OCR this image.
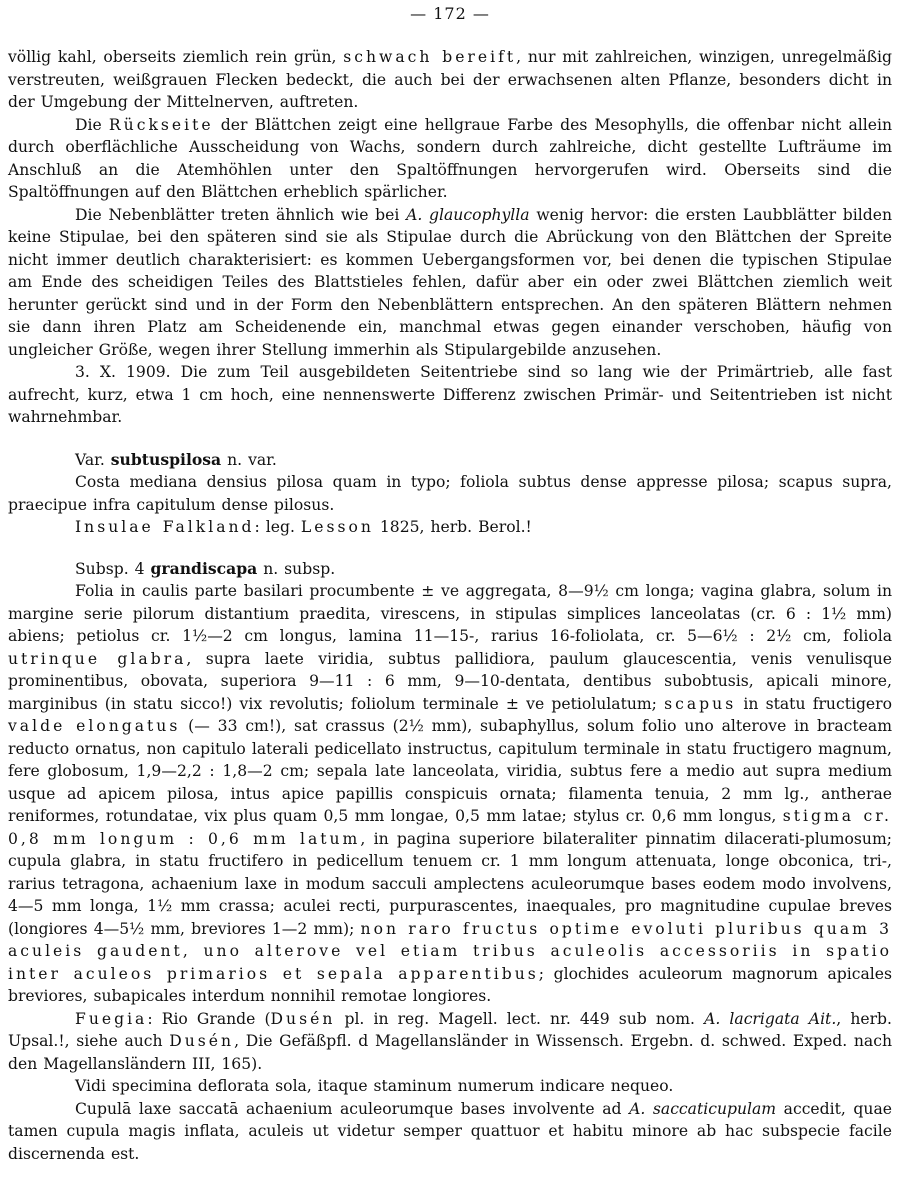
— 172 —

völlig kahl, oberseits ziemlich rein grün, schwach bereift, nur mit zahlreichen, winzigen, unregelmäßig verstreuten, weißgrauen Flecken bedeckt, die auch bei der erwachsenen alten Pflanze, besonders dicht in der Umgebung der Mittelnerven, auftreten.

Die Rückseite der Blättchen zeigt eine hellgraue Farbe des Mesophylls, die offenbar nicht allein durch oberflächliche Ausscheidung von Wachs, sondern durch zahlreiche, dicht gestellte Lufträume im Anschluß an die Atemhöhlen unter den Spaltöffnungen hervorgerufen wird. Oberseits sind die Spaltöffnungen auf den Blättchen erheblich spärlicher.

Die Nebenblätter treten ähnlich wie bei A. glaucophylla wenig hervor: die ersten Laubblätter bilden keine Stipulae, bei den späteren sind sie als Stipulae durch die Abrückung von den Blättchen der Spreite nicht immer deutlich charakterisiert: es kommen Uebergangsformen vor, bei denen die typischen Stipulae am Ende des scheidigen Teiles des Blattstieles fehlen, dafür aber ein oder zwei Blättchen ziemlich weit herunter gerückt sind und in der Form den Nebenblättern entsprechen. An den späteren Blättern nehmen sie dann ihren Platz am Scheidenende ein, manchmal etwas gegen einander verschoben, häufig von ungleicher Größe, wegen ihrer Stellung immerhin als Stipulargebilde anzusehen.

3. X. 1909. Die zum Teil ausgebildeten Seitentriebe sind so lang wie der Primärtrieb, alle fast aufrecht, kurz, etwa 1 cm hoch, eine nennenswerte Differenz zwischen Primär- und Seitentrieben ist nicht wahrnehmbar.

Var. subtuspilosa n. var.

Costa mediana densius pilosa quam in typo; foliola subtus dense appresse pilosa; scapus supra, praecipue infra capitulum dense pilosus.

Insulae Falkland: leg. Lesson 1825, herb. Berol.!

Subsp. 4 grandiscapa n. subsp.

Folia in caulis parte basilari procumbente ± ve aggregata, 8—9½ cm longa; vagina glabra, solum in margine serie pilorum distantium praedita, virescens, in stipulas simplices lanceolatas (cr. 6 : 1½ mm) abiens; petiolus cr. 1½—2 cm longus, lamina 11—15-, rarius 16-foliolata, cr. 5—6½ : 2½ cm, foliola utrinque glabra, supra laete viridia, subtus pallidiora, paulum glaucescentia, venis venulisque prominentibus, obovata, superiora 9—11 : 6 mm, 9—10-dentata, dentibus subobtusis, apicali minore, marginibus (in statu sicco!) vix revolutis; foliolum terminale ± ve petiolulatum; scapus in statu fructigero valde elongatus (— 33 cm!), sat crassus (2½ mm), subaphyllus, solum folio uno alterove in bracteam reducto ornatus, non capitulo laterali pedicellato instructus, capitulum terminale in statu fructigero magnum, fere globosum, 1,9—2,2 : 1,8—2 cm; sepala late lanceolata, viridia, subtus fere a medio aut supra medium usque ad apicem pilosa, intus apice papillis conspicuis ornata; filamenta tenuia, 2 mm lg., antherae reniformes, rotundatae, vix plus quam 0,5 mm longae, 0,5 mm latae; stylus cr. 0,6 mm longus, stigma cr. 0,8 mm longum : 0,6 mm latum, in pagina superiore bilateraliter pinnatim dilacerati-plumosum; cupula glabra, in statu fructifero in pedicellum tenuem cr. 1 mm longum attenuata, longe obconica, tri-, rarius tetragona, achaenium laxe in modum sacculi amplectens aculeorumque bases eodem modo involvens, 4—5 mm longa, 1½ mm crassa; aculei recti, purpurascentes, inaequales, pro magnitudine cupulae breves (longiores 4—5½ mm, breviores 1—2 mm); non raro fructus optime evoluti pluribus quam 3 aculeis gaudent, uno alterove vel etiam tribus aculeolis accessoriis in spatio inter aculeos primarios et sepala apparentibus; glochides aculeorum magnorum apicales breviores, subapicales interdum nonnihil remotae longiores.

Fuegia: Rio Grande (Dusén pl. in reg. Magell. lect. nr. 449 sub nom. A. lacrigata Ait., herb. Upsal.!, siehe auch Dusén, Die Gefäßpfl. d Magellansländer in Wissensch. Ergebn. d. schwed. Exped. nach den Magellansländern III, 165).

Vidi specimina deflorata sola, itaque staminum numerum indicare nequeo.

Cupulā laxe saccatā achaenium aculeorumque bases involvente ad A. saccaticupulam accedit, quae tamen cupula magis inflata, aculeis ut videtur semper quattuor et habitu minore ab hac subspecie facile discernenda est.
